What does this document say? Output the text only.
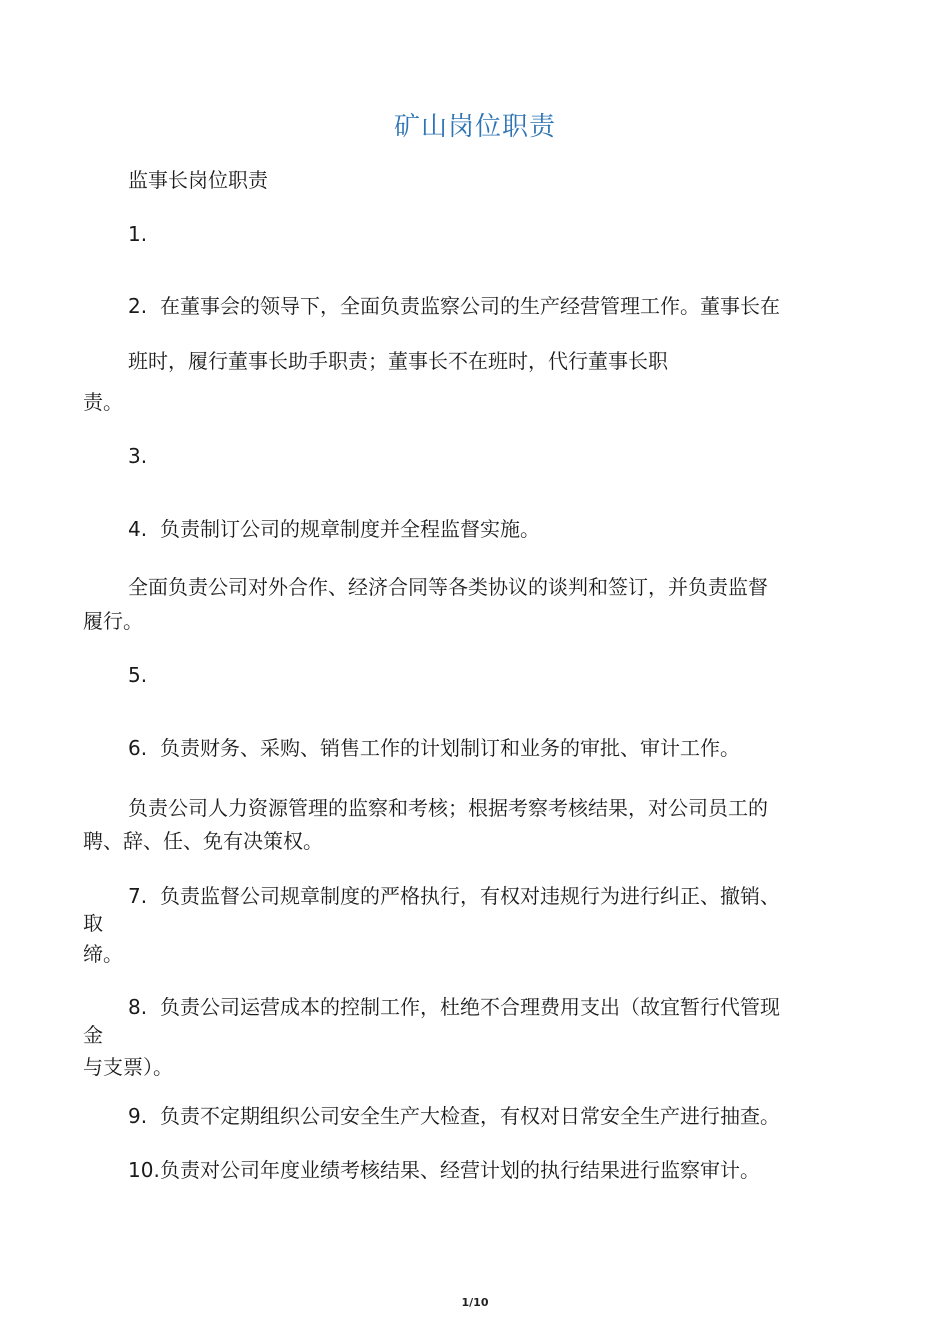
矿山岗位职责
监事长岗位职责
1.
2. 在董事会的领导下，全面负责监察公司的生产经营管理工作。董事长在
班时，履行董事长助手职责；董事长不在班时，代行董事长职
责。
3.
4. 负责制订公司的规章制度并全程监督实施。
全面负责公司对外合作、经济合同等各类协议的谈判和签订，并负责监督
履行。
5.
6. 负责财务、采购、销售工作的计划制订和业务的审批、审计工作。
负责公司人力资源管理的监察和考核；根据考察考核结果，对公司员工的
聘、辞、任、免有决策权。
7. 负责监督公司规章制度的严格执行，有权对违规行为进行纠正、撤销、
取
缔。
8. 负责公司运营成本的控制工作，杜绝不合理费用支出（故宜暂行代管现
金
与支票）。
9. 负责不定期组织公司安全生产大检查，有权对日常安全生产进行抽查。
10.负责对公司年度业绩考核结果、经营计划的执行结果进行监察审计。
1/10
